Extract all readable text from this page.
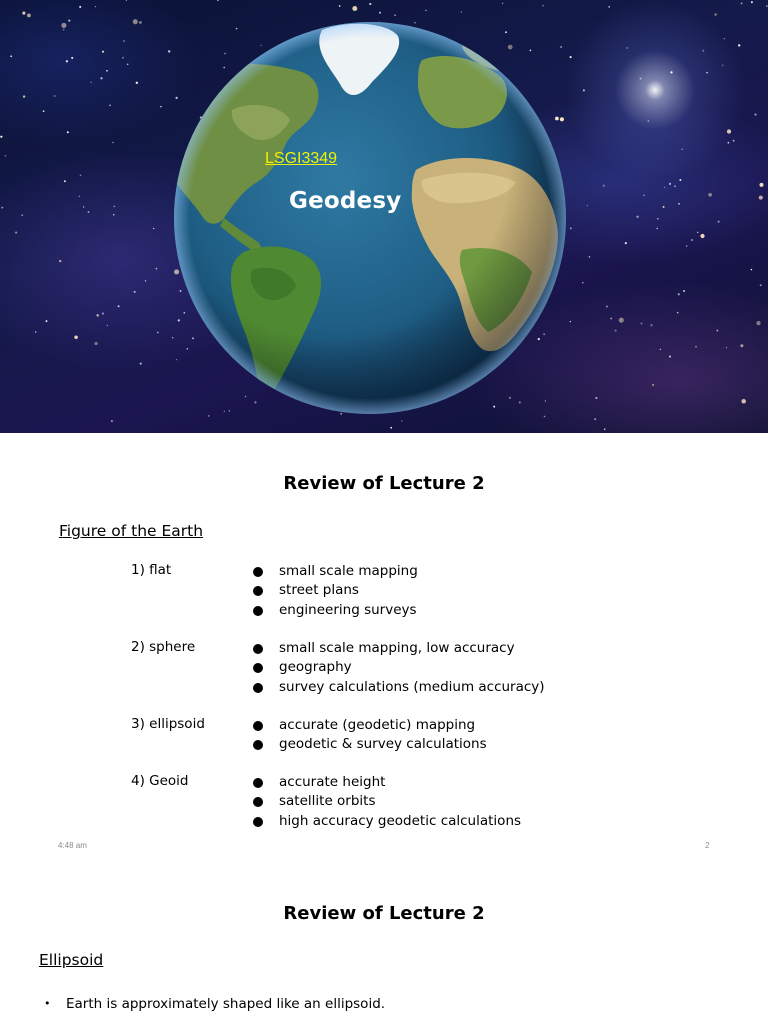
LSGI3349
Geodesy
Review of Lecture 2
Figure of the Earth
1) flat	small scale mapping
street plans
engineering surveys
2) sphere	small scale mapping, low accuracy
geography
survey calculations (medium accuracy)
3) ellipsoid	accurate (geodetic) mapping
geodetic & survey calculations
4) Geoid	accurate height
satellite orbits
high accuracy geodetic calculations
4:48 am	2
Review of Lecture 2
Ellipsoid
• Earth is approximately shaped like an ellipsoid.
